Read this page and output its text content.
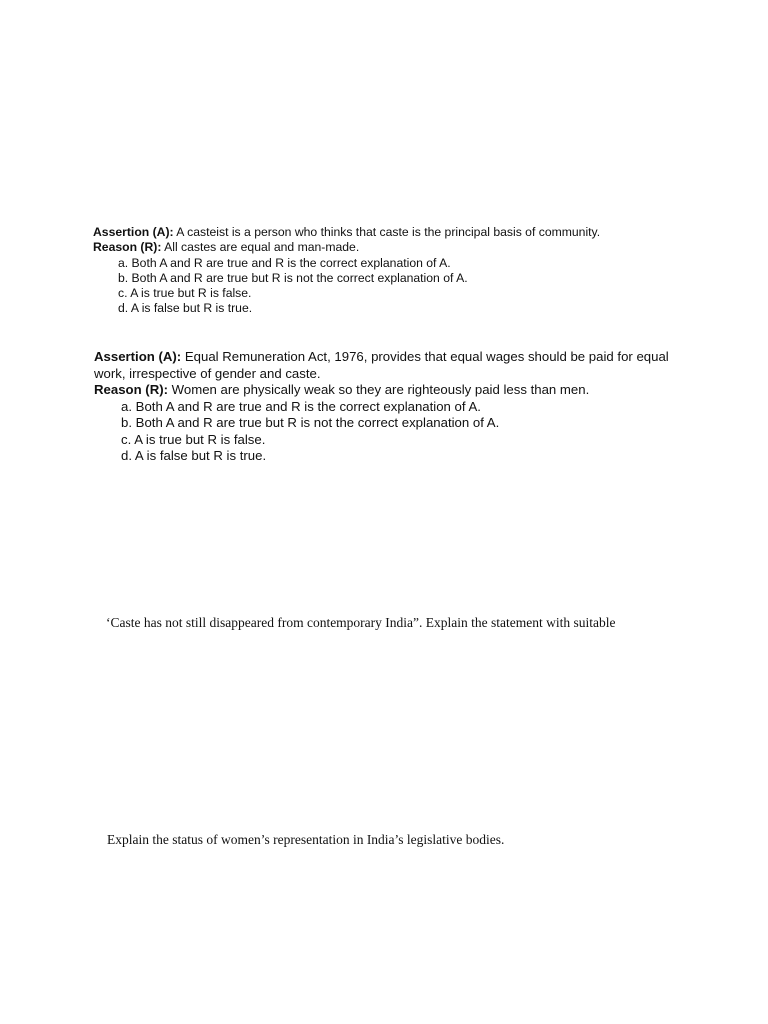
Assertion (A): A casteist is a person who thinks that caste is the principal basis of community.
Reason (R): All castes are equal and man-made.
a. Both A and R are true and R is the correct explanation of A.
b. Both A and R are true but R is not the correct explanation of A.
c. A is true but R is false.
d. A is false but R is true.
Assertion (A): Equal Remuneration Act, 1976, provides that equal wages should be paid for equal work, irrespective of gender and caste.
Reason (R): Women are physically weak so they are righteously paid less than men.
a. Both A and R are true and R is the correct explanation of A.
b. Both A and R are true but R is not the correct explanation of A.
c. A is true but R is false.
d. A is false but R is true.
‘Caste has not still disappeared from contemporary India”. Explain the statement with suitable
Explain the status of women’s representation in India’s legislative bodies.
